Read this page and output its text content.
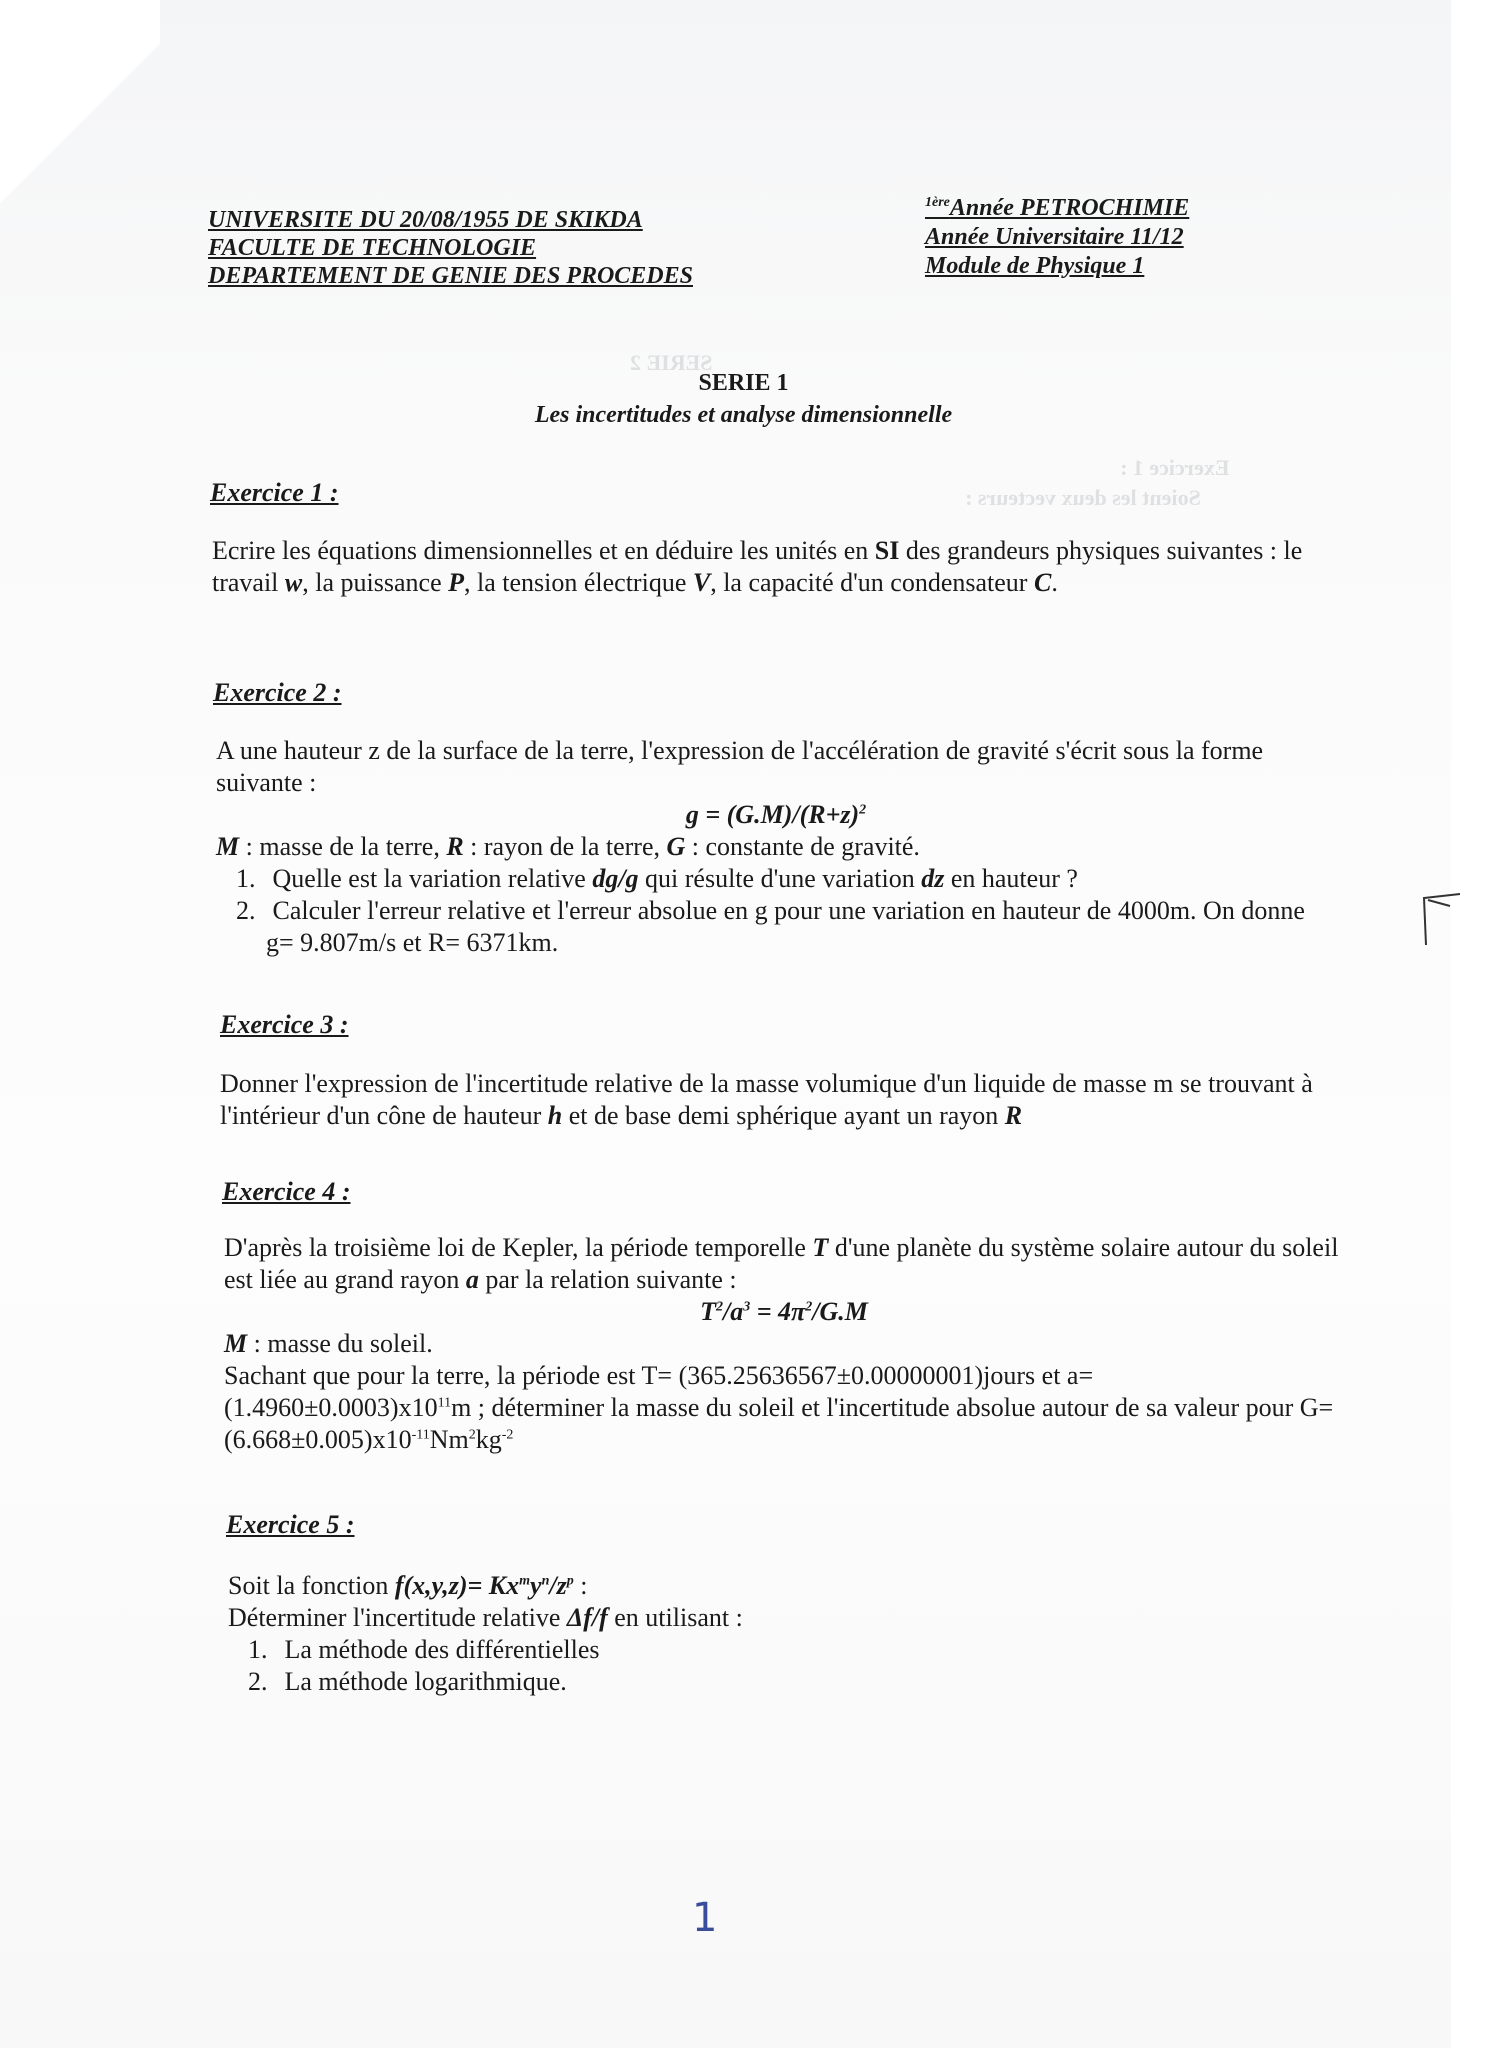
SERIE 2
Exercice 1 :
Soient les deux vecteurs :
UNIVERSITE DU 20/08/1955 DE SKIKDA
FACULTE DE TECHNOLOGIE
DEPARTEMENT DE GENIE DES PROCEDES
$^{1ère}$Année PETROCHIMIE
Année Universitaire 11/12
Module de Physique 1
SERIE 1
Les incertitudes et analyse dimensionnelle
Exercice 1 :
Ecrire les équations dimensionnelles et en déduire les unités en SI des grandeurs physiques suivantes : le travail w, la puissance P, la tension électrique V, la capacité d'un condensateur C.
Exercice 2 :
A une hauteur z de la surface de la terre, l'expression de l'accélération de gravité s'écrit sous la forme suivante :
$g = (G.M)/(R+z)^2$
M : masse de la terre, R : rayon de la terre, G : constante de gravité.
1. Quelle est la variation relative dg/g qui résulte d'une variation dz en hauteur ?
2. Calculer l'erreur relative et l'erreur absolue en g pour une variation en hauteur de 4000m. On donne g= 9.807m/s et R= 6371km.
Exercice 3 :
Donner l'expression de l'incertitude relative de la masse volumique d'un liquide de masse m se trouvant à l'intérieur d'un cône de hauteur h et de base demi sphérique ayant un rayon R
Exercice 4 :
D'après la troisième loi de Kepler, la période temporelle T d'une planète du système solaire autour du soleil est liée au grand rayon a par la relation suivante :
$T^2/a^3 = 4\pi^2/G.M$
M : masse du soleil.
Sachant que pour la terre, la période est T= (365.25636567±0.00000001)jours et $a= (1.4960\pm 0.0003)x10^{11}m$ ; déterminer la masse du soleil et l'incertitude absolue autour de sa valeur pour $G= (6.668\pm 0.005)x10^{-11}Nm^2kg^{-2}$
Exercice 5 :
Soit la fonction $f(x,y,z)= Kx^my^n/z^p$ :
Déterminer l'incertitude relative Δf/f en utilisant :
1. La méthode des différentielles
2. La méthode logarithmique.
1
